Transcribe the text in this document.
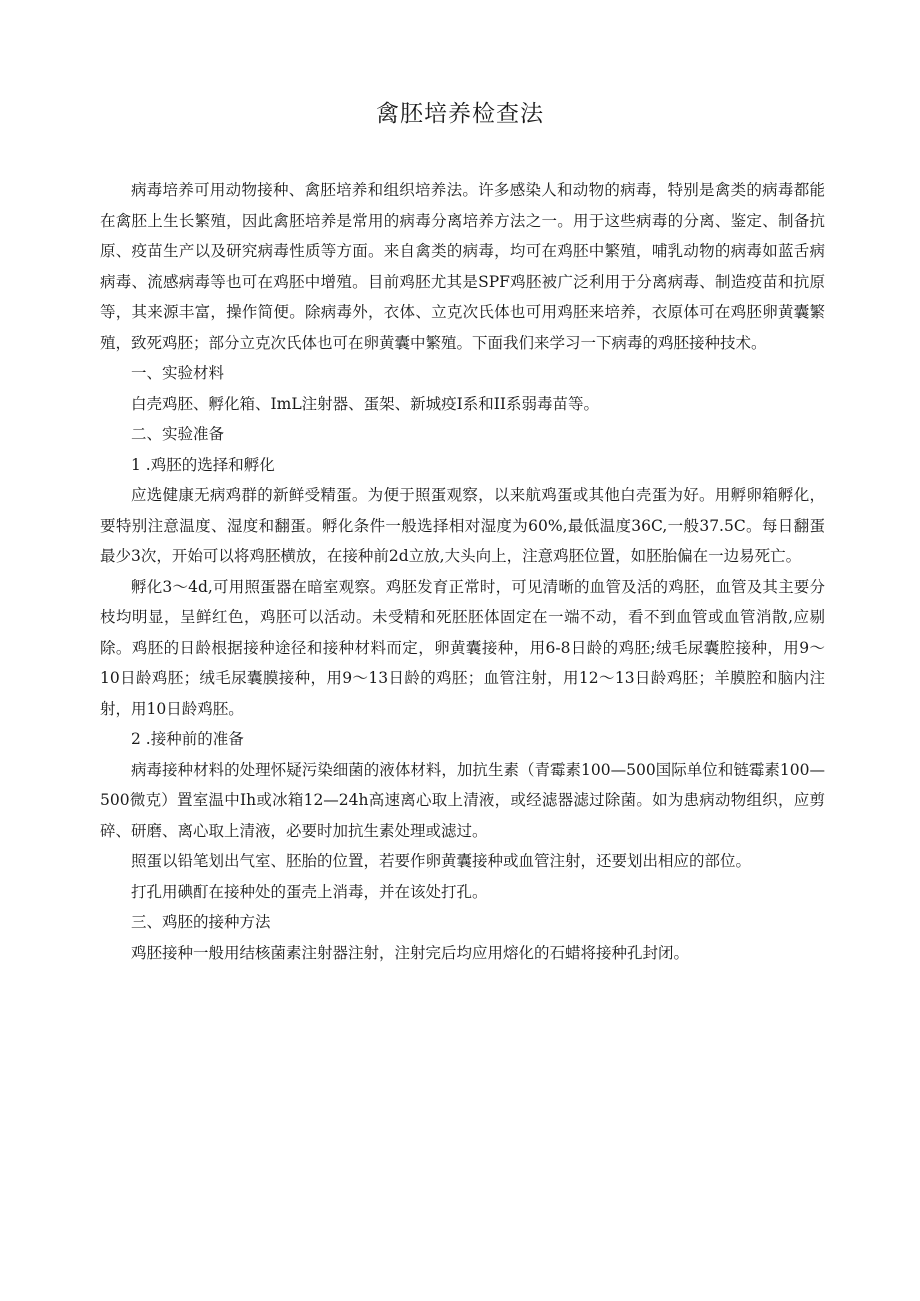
禽胚培养检查法

病毒培养可用动物接种、禽胚培养和组织培养法。许多感染人和动物的病毒，特别是禽类的病毒都能在禽胚上生长繁殖，因此禽胚培养是常用的病毒分离培养方法之一。用于这些病毒的分离、鉴定、制备抗原、疫苗生产以及研究病毒性质等方面。来自禽类的病毒，均可在鸡胚中繁殖，哺乳动物的病毒如蓝舌病病毒、流感病毒等也可在鸡胚中增殖。目前鸡胚尤其是SPF鸡胚被广泛利用于分离病毒、制造疫苗和抗原等，其来源丰富，操作简便。除病毒外，衣体、立克次氏体也可用鸡胚来培养，衣原体可在鸡胚卵黄囊繁殖，致死鸡胚；部分立克次氏体也可在卵黄囊中繁殖。下面我们来学习一下病毒的鸡胚接种技术。

一、实验材料

白壳鸡胚、孵化箱、ImL注射器、蛋架、新城疫I系和II系弱毒苗等。

二、实验准备

1 .鸡胚的选择和孵化

应选健康无病鸡群的新鲜受精蛋。为便于照蛋观察，以来航鸡蛋或其他白壳蛋为好。用孵卵箱孵化，要特别注意温度、湿度和翻蛋。孵化条件一般选择相对湿度为60%,最低温度36C,一般37.5C。每日翻蛋最少3次，开始可以将鸡胚横放，在接种前2d立放,大头向上，注意鸡胚位置，如胚胎偏在一边易死亡。

孵化3～4d,可用照蛋器在暗室观察。鸡胚发育正常时，可见清晰的血管及活的鸡胚，血管及其主要分枝均明显，呈鲜红色，鸡胚可以活动。未受精和死胚胚体固定在一端不动，看不到血管或血管消散,应剔除。鸡胚的日龄根据接种途径和接种材料而定，卵黄囊接种，用6-8日龄的鸡胚;绒毛尿囊腔接种，用9～10日龄鸡胚；绒毛尿囊膜接种，用9～13日龄的鸡胚；血管注射，用12～13日龄鸡胚；羊膜腔和脑内注射，用10日龄鸡胚。

2 .接种前的准备

病毒接种材料的处理怀疑污染细菌的液体材料，加抗生素（青霉素100—500国际单位和链霉素100—500微克）置室温中Ih或冰箱12—24h高速离心取上清液，或经滤器滤过除菌。如为患病动物组织，应剪碎、研磨、离心取上清液，必要时加抗生素处理或滤过。

照蛋以铅笔划出气室、胚胎的位置，若要作卵黄囊接种或血管注射，还要划出相应的部位。

打孔用碘酊在接种处的蛋壳上消毒，并在该处打孔。

三、鸡胚的接种方法

鸡胚接种一般用结核菌素注射器注射，注射完后均应用熔化的石蜡将接种孔封闭。
